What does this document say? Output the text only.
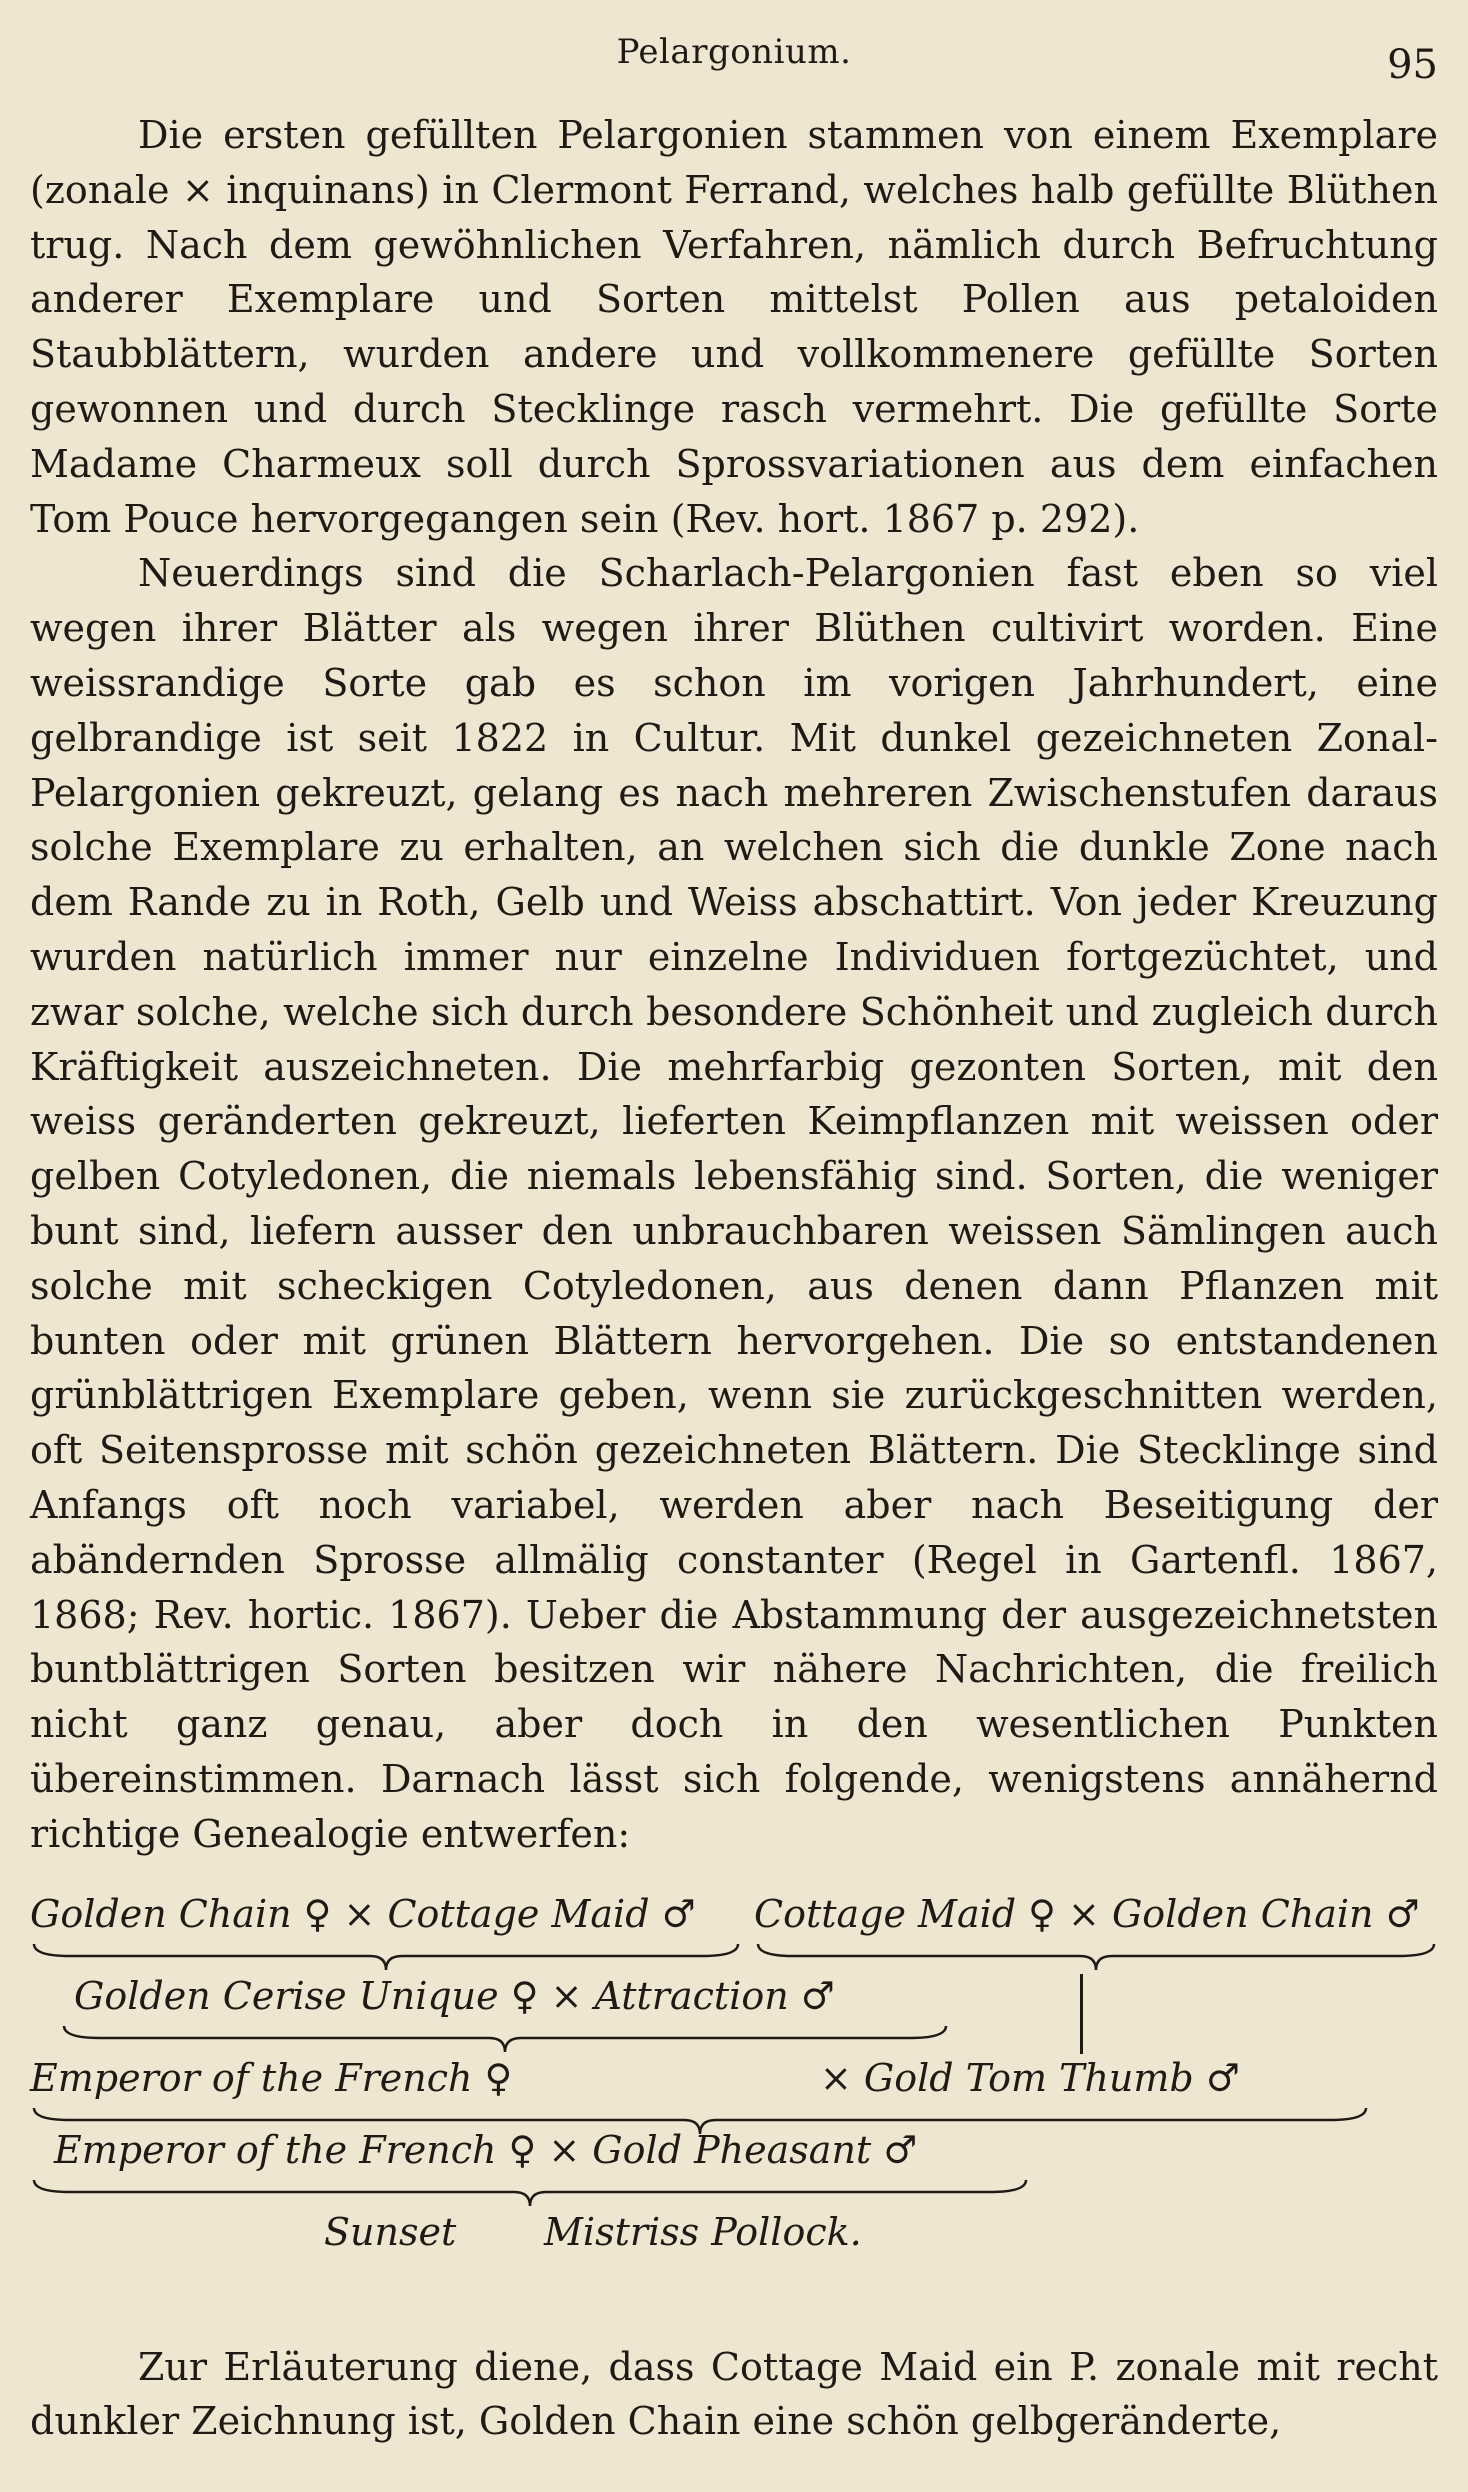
Pelargonium.	95

Die ersten gefüllten Pelargonien stammen von einem Exemplare (zonale × inquinans) in Clermont Ferrand, welches halb gefüllte Blüthen trug. Nach dem gewöhnlichen Verfahren, nämlich durch Befruchtung anderer Exemplare und Sorten mittelst Pollen aus petaloiden Staubblättern, wurden andere und vollkommenere gefüllte Sorten gewonnen und durch Stecklinge rasch vermehrt. Die gefüllte Sorte Madame Charmeux soll durch Sprossvariationen aus dem einfachen Tom Pouce hervorgegangen sein (Rev. hort. 1867 p. 292).

Neuerdings sind die Scharlach-Pelargonien fast eben so viel wegen ihrer Blätter als wegen ihrer Blüthen cultivirt worden. Eine weissrandige Sorte gab es schon im vorigen Jahrhundert, eine gelbrandige ist seit 1822 in Cultur. Mit dunkel gezeichneten Zonal-Pelargonien gekreuzt, gelang es nach mehreren Zwischenstufen daraus solche Exemplare zu erhalten, an welchen sich die dunkle Zone nach dem Rande zu in Roth, Gelb und Weiss abschattirt. Von jeder Kreuzung wurden natürlich immer nur einzelne Individuen fortgezüchtet, und zwar solche, welche sich durch besondere Schönheit und zugleich durch Kräftigkeit auszeichneten. Die mehrfarbig gezonten Sorten, mit den weiss geränderten gekreuzt, lieferten Keimpflanzen mit weissen oder gelben Cotyledonen, die niemals lebensfähig sind. Sorten, die weniger bunt sind, liefern ausser den unbrauchbaren weissen Sämlingen auch solche mit scheckigen Cotyledonen, aus denen dann Pflanzen mit bunten oder mit grünen Blättern hervorgehen. Die so entstandenen grünblättrigen Exemplare geben, wenn sie zurückgeschnitten werden, oft Seitensprosse mit schön gezeichneten Blättern. Die Stecklinge sind Anfangs oft noch variabel, werden aber nach Beseitigung der abändernden Sprosse allmälig constanter (Regel in Gartenfl. 1867, 1868; Rev. hortic. 1867). Ueber die Abstammung der ausgezeichnetsten buntblättrigen Sorten besitzen wir nähere Nachrichten, die freilich nicht ganz genau, aber doch in den wesentlichen Punkten übereinstimmen. Darnach lässt sich folgende, wenigstens annähernd richtige Genealogie entwerfen:

Golden Chain ♀ × Cottage Maid ♂ Cottage Maid ♀ × Golden Chain ♂
Golden Cerise Unique ♀ × Attraction ♂
Emperor of the French ♀	× Gold Tom Thumb ♂
Emperor of the French ♀ × Gold Pheasant ♂
Sunset Mistriss Pollock.

Zur Erläuterung diene, dass Cottage Maid ein P. zonale mit recht dunkler Zeichnung ist, Golden Chain eine schön gelbgeränderte,
